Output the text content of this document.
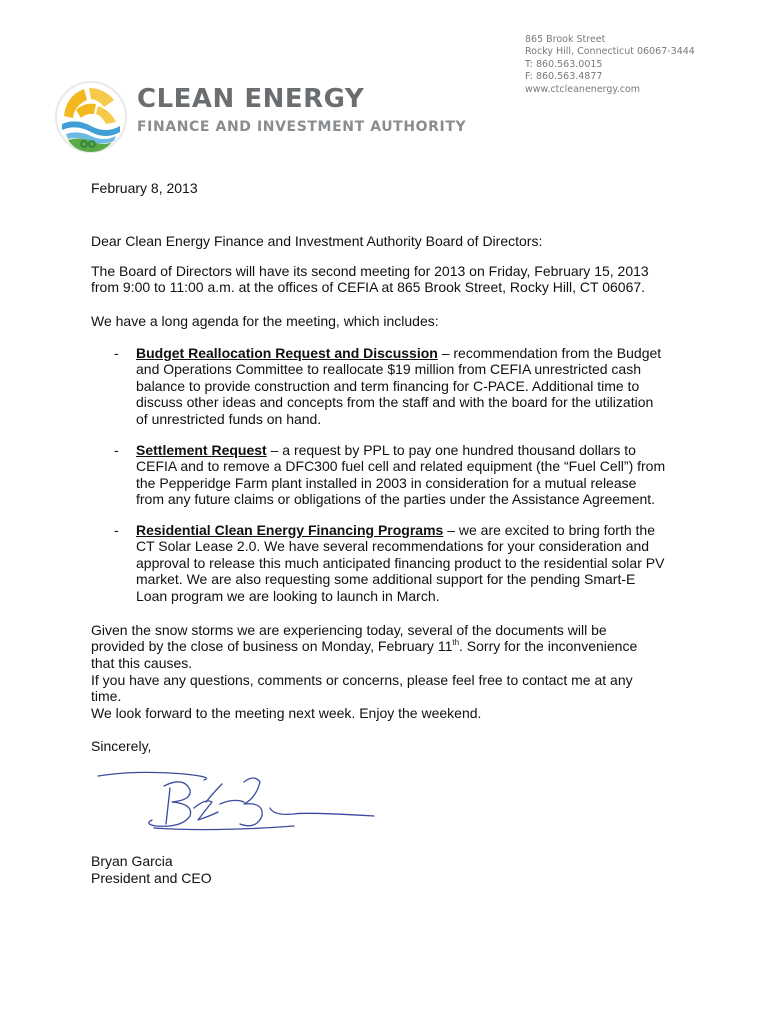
CLEAN ENERGY
FINANCE AND INVESTMENT AUTHORITY
865 Brook Street
Rocky Hill, Connecticut 06067-3444
T: 860.563.0015
F: 860.563.4877
www.ctcleanenergy.com
February 8, 2013
Dear Clean Energy Finance and Investment Authority Board of Directors:
The Board of Directors will have its second meeting for 2013 on Friday, February 15, 2013 from 9:00 to 11:00 a.m. at the offices of CEFIA at 865 Brook Street, Rocky Hill, CT 06067.
We have a long agenda for the meeting, which includes:
- Budget Reallocation Request and Discussion – recommendation from the Budget and Operations Committee to reallocate $19 million from CEFIA unrestricted cash balance to provide construction and term financing for C-PACE. Additional time to discuss other ideas and concepts from the staff and with the board for the utilization of unrestricted funds on hand.
- Settlement Request – a request by PPL to pay one hundred thousand dollars to CEFIA and to remove a DFC300 fuel cell and related equipment (the “Fuel Cell”) from the Pepperidge Farm plant installed in 2003 in consideration for a mutual release from any future claims or obligations of the parties under the Assistance Agreement.
- Residential Clean Energy Financing Programs – we are excited to bring forth the CT Solar Lease 2.0. We have several recommendations for your consideration and approval to release this much anticipated financing product to the residential solar PV market. We are also requesting some additional support for the pending Smart-E Loan program we are looking to launch in March.
Given the snow storms we are experiencing today, several of the documents will be provided by the close of business on Monday, February 11th. Sorry for the inconvenience that this causes.
If you have any questions, comments or concerns, please feel free to contact me at any time.
We look forward to the meeting next week. Enjoy the weekend.
Sincerely,
Bryan Garcia
President and CEO
